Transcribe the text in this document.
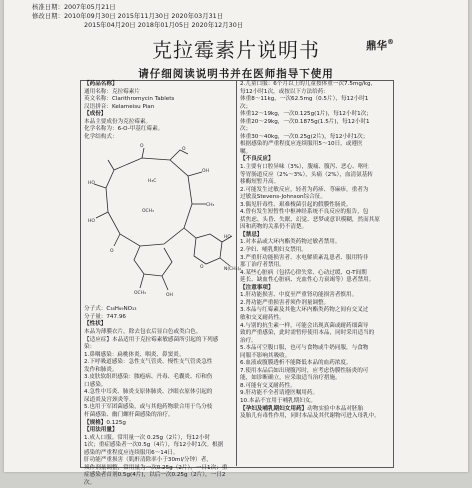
核准日期：2007年05月21日
修改日期：2010年09月30日 2015年11月30日 2020年03月31日
2015年04月20日 2018年01月05日 2020年12月30日
克拉霉素片说明书	鼎华®
请仔细阅读说明书并在医师指导下使用

【药品名称】

通用名称：克拉霉素片

英文名称：Clarithromycin Tablets

汉语拼音：Kelameisu Pian

【成份】

本品主要成份为克拉霉素。

化学名称为：6-O-甲基红霉素。

化学结构式：

O
HO
HO
OH
CH₃
O
O
N(CH₃)₂
HO
OCH₃	OH
O
H₃C
OCH₃

分子式：C₃₈H₆₉NO₁₃

分子量：747.96

【性状】

本品为薄膜衣片，除去包衣后显白色或类白色。

【适应症】本品适用于克拉霉素敏感菌所引起的下列感

染：

1.鼻咽感染：扁桃体炎、咽炎、鼻窦炎。

2.下呼吸道感染：急性支气管炎、慢性支气管炎急性

发作和肺炎。

3.皮肤软组织感染：脓疱病、丹毒、毛囊炎、疖和伤

口感染。

4.急性中耳炎、肺炎支原体肺炎、沙眼衣原体引起的

尿道炎及宫颈炎等。

5.也用于军团菌感染，或与其他药物联合用于鸟分枝

杆菌感染、幽门螺杆菌感染的治疗。

【规格】0.125g

【用法用量】

1.成人口服。常用量一次 0.25g（2片），每12小时

1次；重症感染者一次0.5g（4片），每12小时1次。根据

感染的严重程度应连续服用6～14日。

肝功能严重损害（肌酐清除率小于30ml/分钟）者，

须作剂量调整，常用量为一次0.25g（2片），一日1次；重

症感染者首剂0.5g(4片)，以后一次0.25g（2片），一日2

次。

2.儿童口服：6个月以上的儿童按体重一次7.5mg/kg，

每12小时1次，或按以下方法给药：

体重8～11kg，一次62.5mg（0.5片），每12小时1

次；

体重12～19kg，一次0.125g(1片)，每12小时1次；

体重20～29kg，一次0.1875g(1.5片)，每12小时1

次；

体重30～40kg，一次0.25g(2片)，每12小时1次；

根据感染的严重程度应连续服用5～10日，或遵医

嘱。

【不良反应】

1.主要有口腔异味（3%），腹痛、腹泻、恶心、呕吐

等胃肠道反应（2%～3%），头痛（2%），血清氨基转

移酶短暂升高。

2.可能发生过敏反应，轻者为药疹、荨麻疹，重者为

过敏及Stevens-Johnson综合征。

3.偶见肝毒性、艰难梭菌引起的假膜性肠炎。

4.曾有发生短暂性中枢神经系统不良反应的报告，包

括焦虑、头昏、失眠、幻觉、恶梦或意识模糊，然而其原

因和药物的关系仍不清楚。

【禁忌】

1.对本品或大环内酯类药物过敏者禁用。

2.孕妇、哺乳期妇女禁用。

3.严重肝功能损害者、水电解质紊乱患者、服用特非

那丁治疗者禁用。

4.某些心脏病（包括心律失常、心动过缓、Q-T间期

延长、缺血性心脏病、充血性心力衰竭等）患者禁用。

【注意事项】

1.肝功能损害、中度至严重肾功能损害者慎用。

2.肾功能严重损害者须作剂量调整。

3.本品与红霉素及其他大环内酯类药物之间有交叉过

敏和交叉耐药性。

4.与别的抗生素一样，可能会出现真菌或耐药细菌导

致的严重感染，此时需暂停使用本品，同时采用适当的

治疗。

5.本品可空腹口服，也可与食物或牛奶同服，与食物

同服不影响其吸收。

6.血液或腹膜透析不能降低本品的血药浓度。

7.使用本品后如出现腹泻时，应考虑伪膜性肠炎的可

能，如诊断确立，应采取适当治疗措施。

8.可能有交叉耐药性。

9.肝功能不全者请遵医嘱用药。

10.本品不宜用于哺乳期妇女。

【孕妇及哺乳期妇女用药】动物实验中本品对胚胎

及胎儿有毒性作用，同时本品及其代谢物可进入母乳中。
